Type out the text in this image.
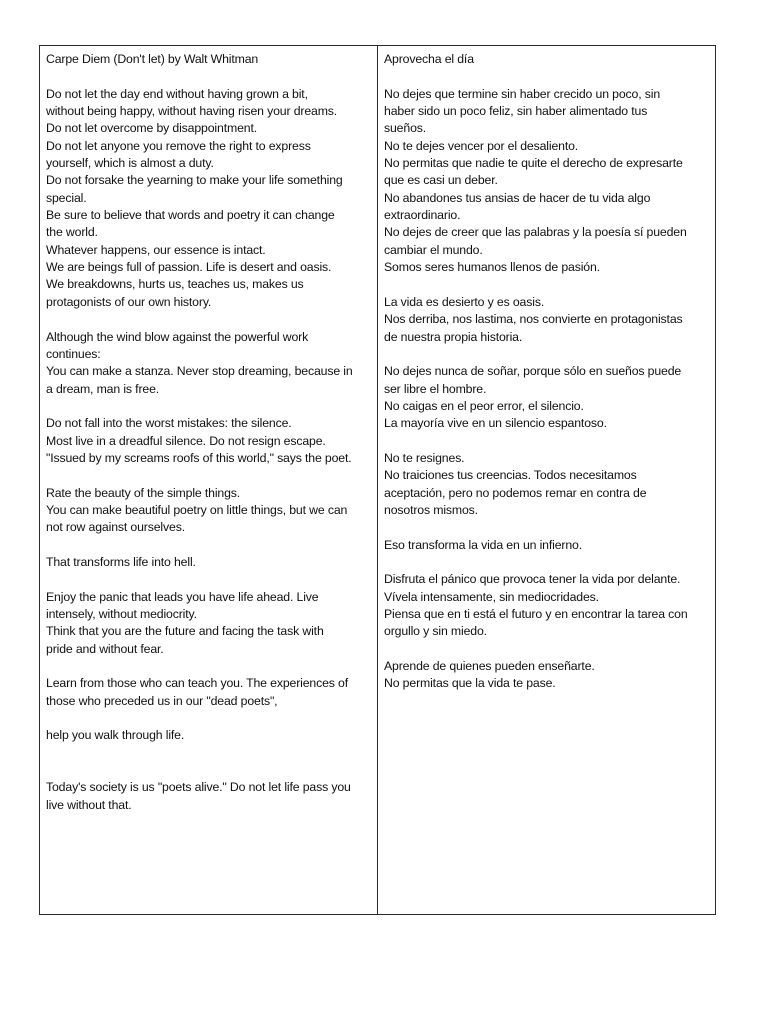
Carpe Diem (Don't let) by Walt Whitman
Do not let the day end without having grown a bit,
without being happy, without having risen your dreams.
Do not let overcome by disappointment.
Do not let anyone you remove the right to express
yourself, which is almost a duty.
Do not forsake the yearning to make your life something
special.
Be sure to believe that words and poetry it can change
the world.
Whatever happens, our essence is intact.
We are beings full of passion. Life is desert and oasis.
We breakdowns, hurts us, teaches us, makes us
protagonists of our own history.
Although the wind blow against the powerful work
continues:
You can make a stanza. Never stop dreaming, because in
a dream, man is free.
Do not fall into the worst mistakes: the silence.
Most live in a dreadful silence. Do not resign escape.
"Issued by my screams roofs of this world," says the poet.
Rate the beauty of the simple things.
You can make beautiful poetry on little things, but we can
not row against ourselves.
That transforms life into hell.
Enjoy the panic that leads you have life ahead. Live
intensely, without mediocrity.
Think that you are the future and facing the task with
pride and without fear.
Learn from those who can teach you. The experiences of
those who preceded us in our "dead poets",
help you walk through life.
Today's society is us "poets alive." Do not let life pass you
live without that.
Aprovecha el día
No dejes que termine sin haber crecido un poco, sin
haber sido un poco feliz, sin haber alimentado tus
sueños.
No te dejes vencer por el desaliento.
No permitas que nadie te quite el derecho de expresarte
que es casi un deber.
No abandones tus ansias de hacer de tu vida algo
extraordinario.
No dejes de creer que las palabras y la poesía sí pueden
cambiar el mundo.
Somos seres humanos llenos de pasión.
La vida es desierto y es oasis.
Nos derriba, nos lastima, nos convierte en protagonistas
de nuestra propia historia.
No dejes nunca de soñar, porque sólo en sueños puede
ser libre el hombre.
No caigas en el peor error, el silencio.
La mayoría vive en un silencio espantoso.
No te resignes.
No traiciones tus creencias. Todos necesitamos
aceptación, pero no podemos remar en contra de
nosotros mismos.
Eso transforma la vida en un infierno.
Disfruta el pánico que provoca tener la vida por delante.
Vívela intensamente, sin mediocridades.
Piensa que en ti está el futuro y en encontrar la tarea con
orgullo y sin miedo.
Aprende de quienes pueden enseñarte.
No permitas que la vida te pase.
